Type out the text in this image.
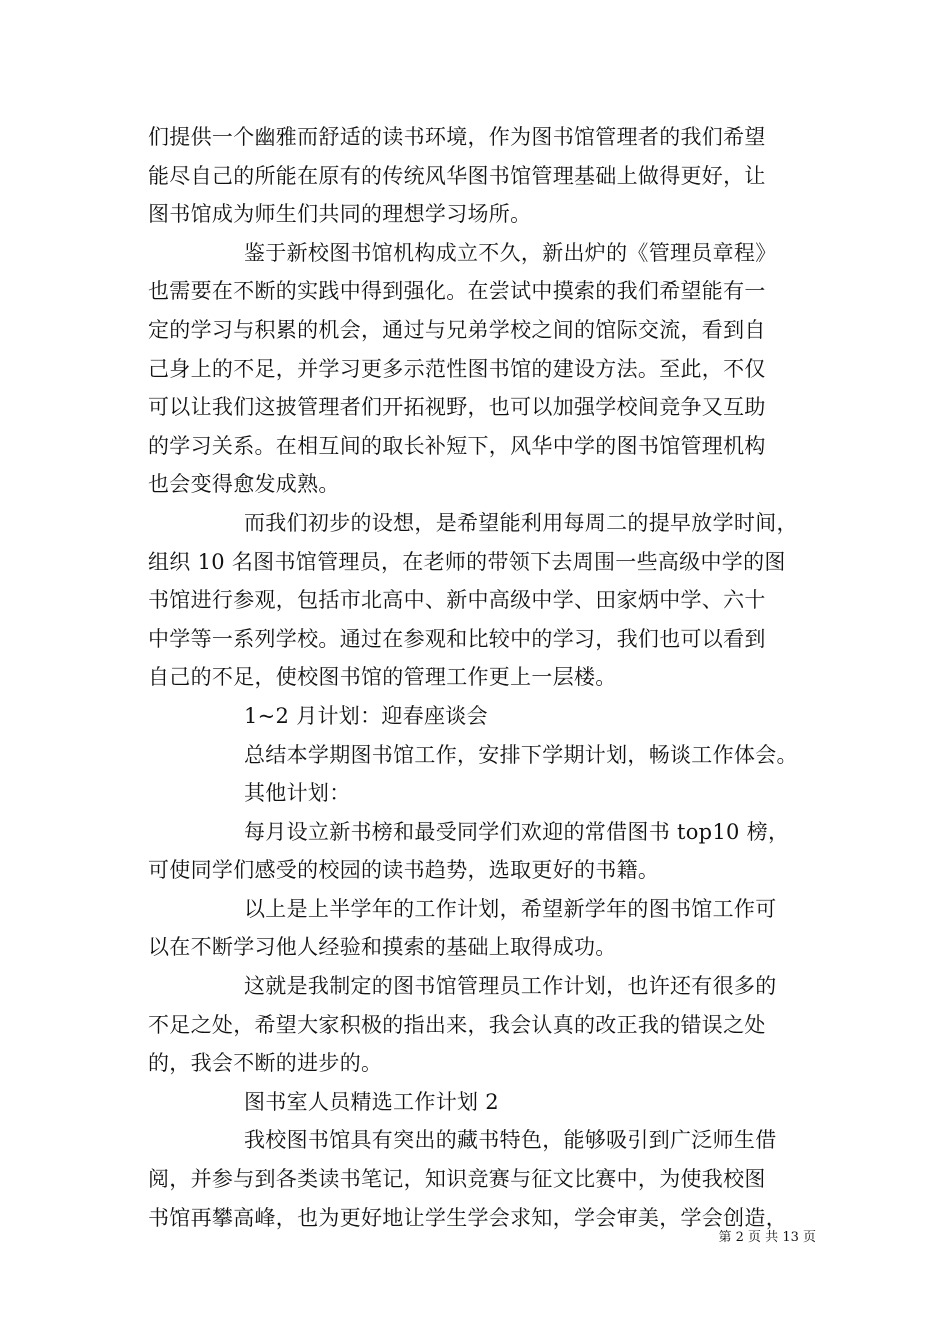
们提供一个幽雅而舒适的读书环境，作为图书馆管理者的我们希望
能尽自己的所能在原有的传统风华图书馆管理基础上做得更好，让
图书馆成为师生们共同的理想学习场所。
鉴于新校图书馆机构成立不久，新出炉的《管理员章程》
也需要在不断的实践中得到强化。在尝试中摸索的我们希望能有一
定的学习与积累的机会，通过与兄弟学校之间的馆际交流，看到自
己身上的不足，并学习更多示范性图书馆的建设方法。至此，不仅
可以让我们这披管理者们开拓视野，也可以加强学校间竞争又互助
的学习关系。在相互间的取长补短下，风华中学的图书馆管理机构
也会变得愈发成熟。
而我们初步的设想，是希望能利用每周二的提早放学时间，
组织 10 名图书馆管理员，在老师的带领下去周围一些高级中学的图
书馆进行参观，包括市北高中、新中高级中学、田家炳中学、六十
中学等一系列学校。通过在参观和比较中的学习，我们也可以看到
自己的不足，使校图书馆的管理工作更上一层楼。
1~2 月计划：迎春座谈会
总结本学期图书馆工作，安排下学期计划，畅谈工作体会。
其他计划：
每月设立新书榜和最受同学们欢迎的常借图书 top10 榜，
可使同学们感受的校园的读书趋势，选取更好的书籍。
以上是上半学年的工作计划，希望新学年的图书馆工作可
以在不断学习他人经验和摸索的基础上取得成功。
这就是我制定的图书馆管理员工作计划，也许还有很多的
不足之处，希望大家积极的指出来，我会认真的改正我的错误之处
的，我会不断的进步的。
图书室人员精选工作计划 2
我校图书馆具有突出的藏书特色，能够吸引到广泛师生借
阅，并参与到各类读书笔记，知识竞赛与征文比赛中，为使我校图
书馆再攀高峰，也为更好地让学生学会求知，学会审美，学会创造，
第 2 页 共 13 页
